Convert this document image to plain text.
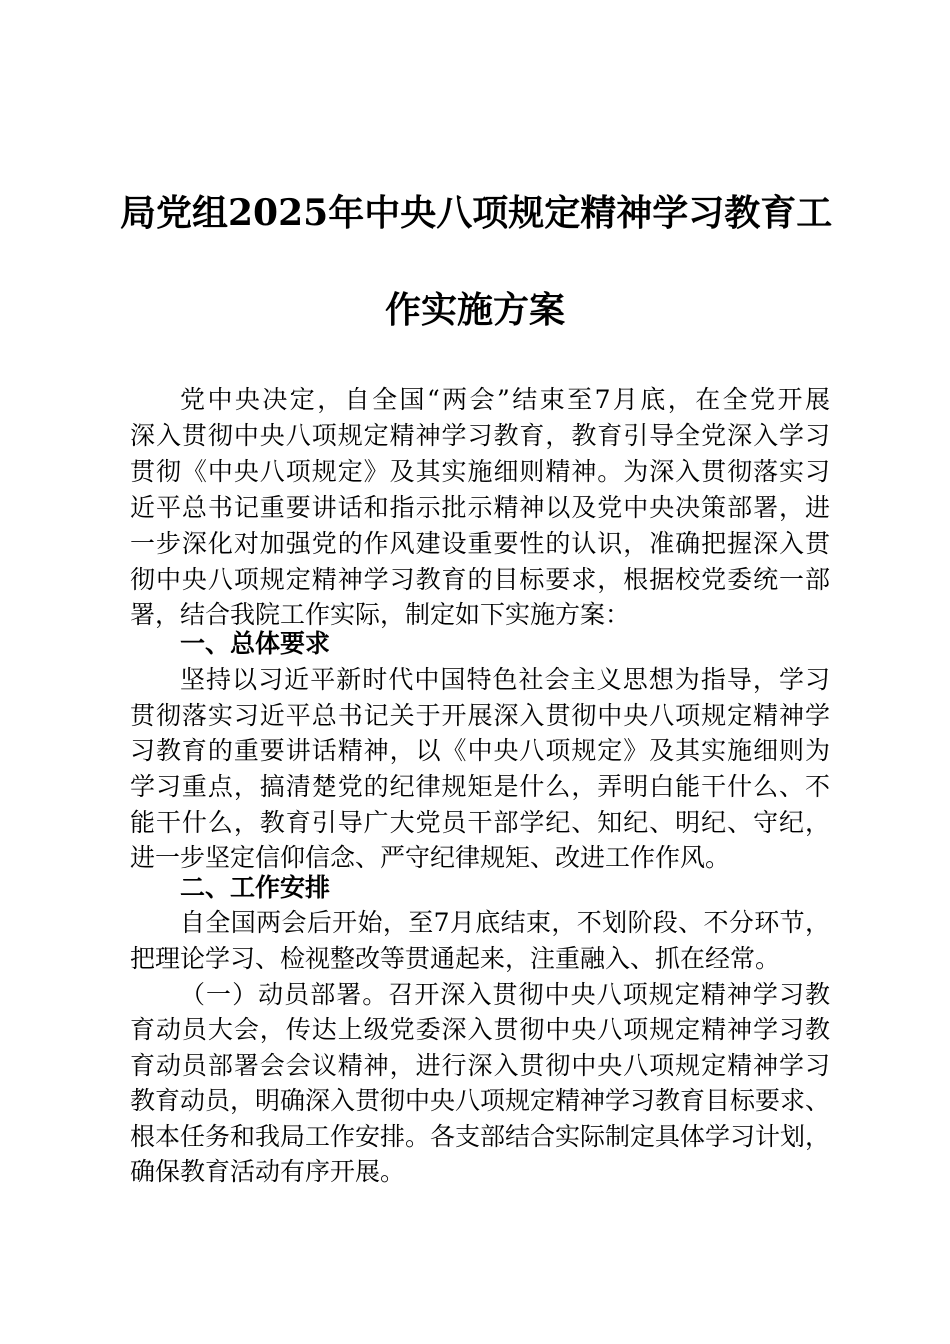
局党组2025年中央八项规定精神学习教育工
作实施方案
党中央决定，自全国“两会”结束至7月底，在全党开展
深入贯彻中央八项规定精神学习教育，教育引导全党深入学习
贯彻《中央八项规定》及其实施细则精神。为深入贯彻落实习
近平总书记重要讲话和指示批示精神以及党中央决策部署，进
一步深化对加强党的作风建设重要性的认识，准确把握深入贯
彻中央八项规定精神学习教育的目标要求，根据校党委统一部
署，结合我院工作实际，制定如下实施方案：
一、总体要求
坚持以习近平新时代中国特色社会主义思想为指导，学习
贯彻落实习近平总书记关于开展深入贯彻中央八项规定精神学
习教育的重要讲话精神，以《中央八项规定》及其实施细则为
学习重点，搞清楚党的纪律规矩是什么，弄明白能干什么、不
能干什么，教育引导广大党员干部学纪、知纪、明纪、守纪，
进一步坚定信仰信念、严守纪律规矩、改进工作作风。
二、工作安排
自全国两会后开始，至7月底结束，不划阶段、不分环节，
把理论学习、检视整改等贯通起来，注重融入、抓在经常。
（一）动员部署。召开深入贯彻中央八项规定精神学习教
育动员大会，传达上级党委深入贯彻中央八项规定精神学习教
育动员部署会会议精神，进行深入贯彻中央八项规定精神学习
教育动员，明确深入贯彻中央八项规定精神学习教育目标要求、
根本任务和我局工作安排。各支部结合实际制定具体学习计划，
确保教育活动有序开展。
